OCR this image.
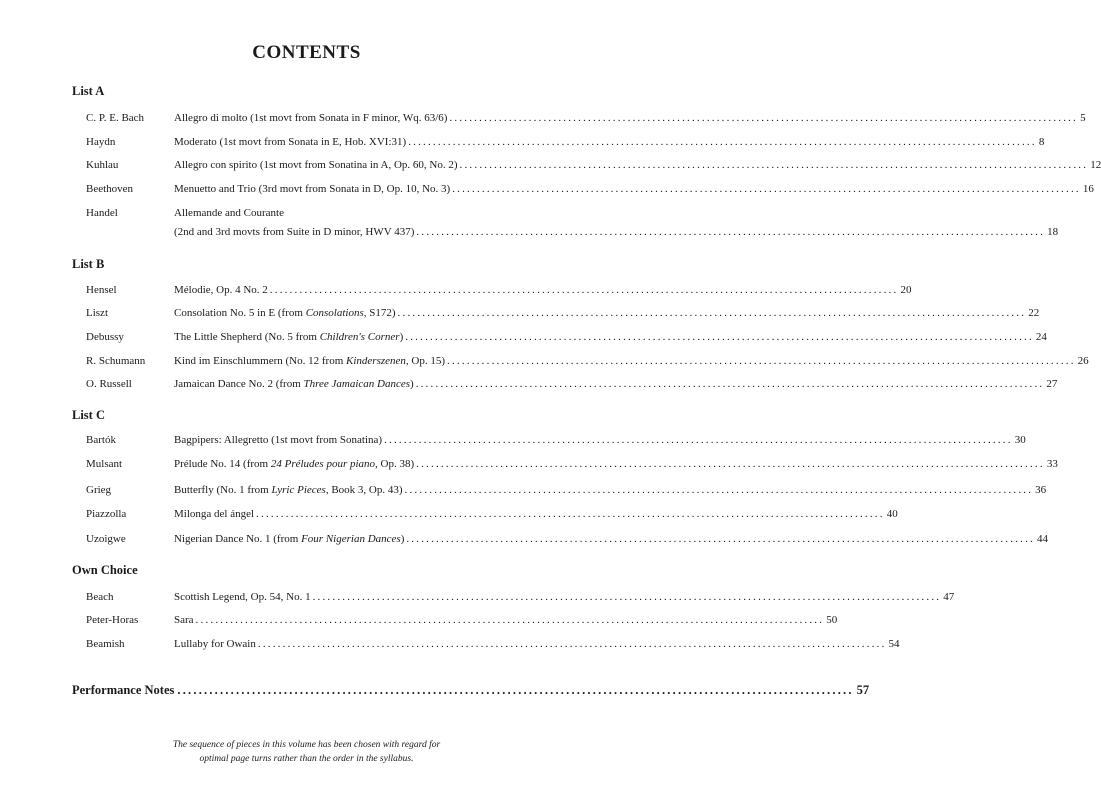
CONTENTS
List A
C. P. E. Bach	Allegro di molto (1st movt from Sonata in F minor, Wq. 63/6) ............................................................................................................................... 5
Haydn	Moderato (1st movt from Sonata in E, Hob. XVI:31) ............................................................................................................................... 8
Kuhlau	Allegro con spirito (1st movt from Sonatina in A, Op. 60, No. 2) ............................................................................................................................... 12
Beethoven	Menuetto and Trio (3rd movt from Sonata in D, Op. 10, No. 3) ............................................................................................................................... 16
Handel	Allemande and Courante
(2nd and 3rd movts from Suite in D minor, HWV 437) ............................................................................................................................... 18
List B
Hensel	Mélodie, Op. 4 No. 2 ............................................................................................................................... 20
Liszt	Consolation No. 5 in E (from Consolations, S172) ............................................................................................................................... 22
Debussy	The Little Shepherd (No. 5 from Children's Corner) ............................................................................................................................... 24
R. Schumann	Kind im Einschlummern (No. 12 from Kinderszenen, Op. 15) ............................................................................................................................... 26
O. Russell	Jamaican Dance No. 2 (from Three Jamaican Dances) ............................................................................................................................... 27
List C
Bartók	Bagpipers: Allegretto (1st movt from Sonatina) ............................................................................................................................... 30
Mulsant	Prélude No. 14 (from 24 Préludes pour piano, Op. 38) ............................................................................................................................... 33
Grieg	Butterfly (No. 1 from Lyric Pieces, Book 3, Op. 43) ............................................................................................................................... 36
Piazzolla	Milonga del ángel ............................................................................................................................... 40
Uzoigwe	Nigerian Dance No. 1 (from Four Nigerian Dances) ............................................................................................................................... 44
Own Choice
Beach	Scottish Legend, Op. 54, No. 1 ............................................................................................................................... 47
Peter-Horas	Sara ............................................................................................................................... 50
Beamish	Lullaby for Owain ............................................................................................................................... 54
Performance Notes ............................................................................................................................... 57
The sequence of pieces in this volume has been chosen with regard for
optimal page turns rather than the order in the syllabus.
